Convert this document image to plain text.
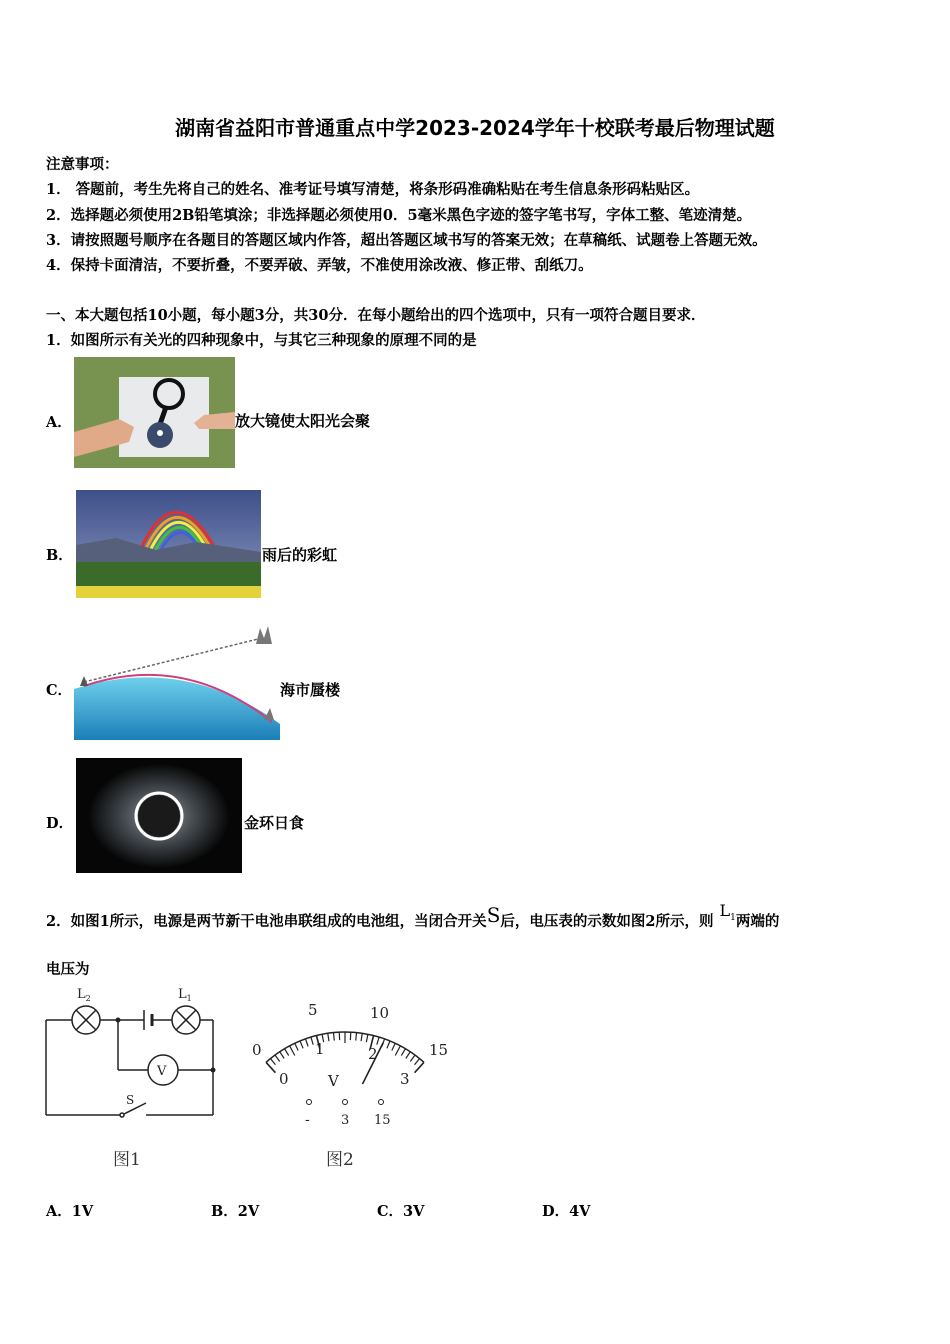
湖南省益阳市普通重点中学2023-2024学年十校联考最后物理试题
注意事项：
1． 答题前，考生先将自己的姓名、准考证号填写清楚，将条形码准确粘贴在考生信息条形码粘贴区。
2．选择题必须使用2B铅笔填涂；非选择题必须使用0．5毫米黑色字迹的签字笔书写，字体工整、笔迹清楚。
3．请按照题号顺序在各题目的答题区域内作答，超出答题区域书写的答案无效；在草稿纸、试题卷上答题无效。
4．保持卡面清洁，不要折叠，不要弄破、弄皱，不准使用涂改液、修正带、刮纸刀。
一、本大题包括10小题，每小题3分，共30分．在每小题给出的四个选项中，只有一项符合题目要求．
1．如图所示有关光的四种现象中，与其它三种现象的原理不同的是
A．	放大镜使太阳光会聚
B．	雨后的彩虹
C．	海市蜃楼
D．	金环日食
2．如图1所示，电源是两节新干电池串联组成的电池组，当闭合开关S后，电压表的示数如图2所示，则$L_1$两端的
电压为
$L_2$	$L_1$
V
S
图1
0
5	10
15
0
1	2
3
V
- 3 15
图2
A．1V	B．2V	C．3V	D．4V
